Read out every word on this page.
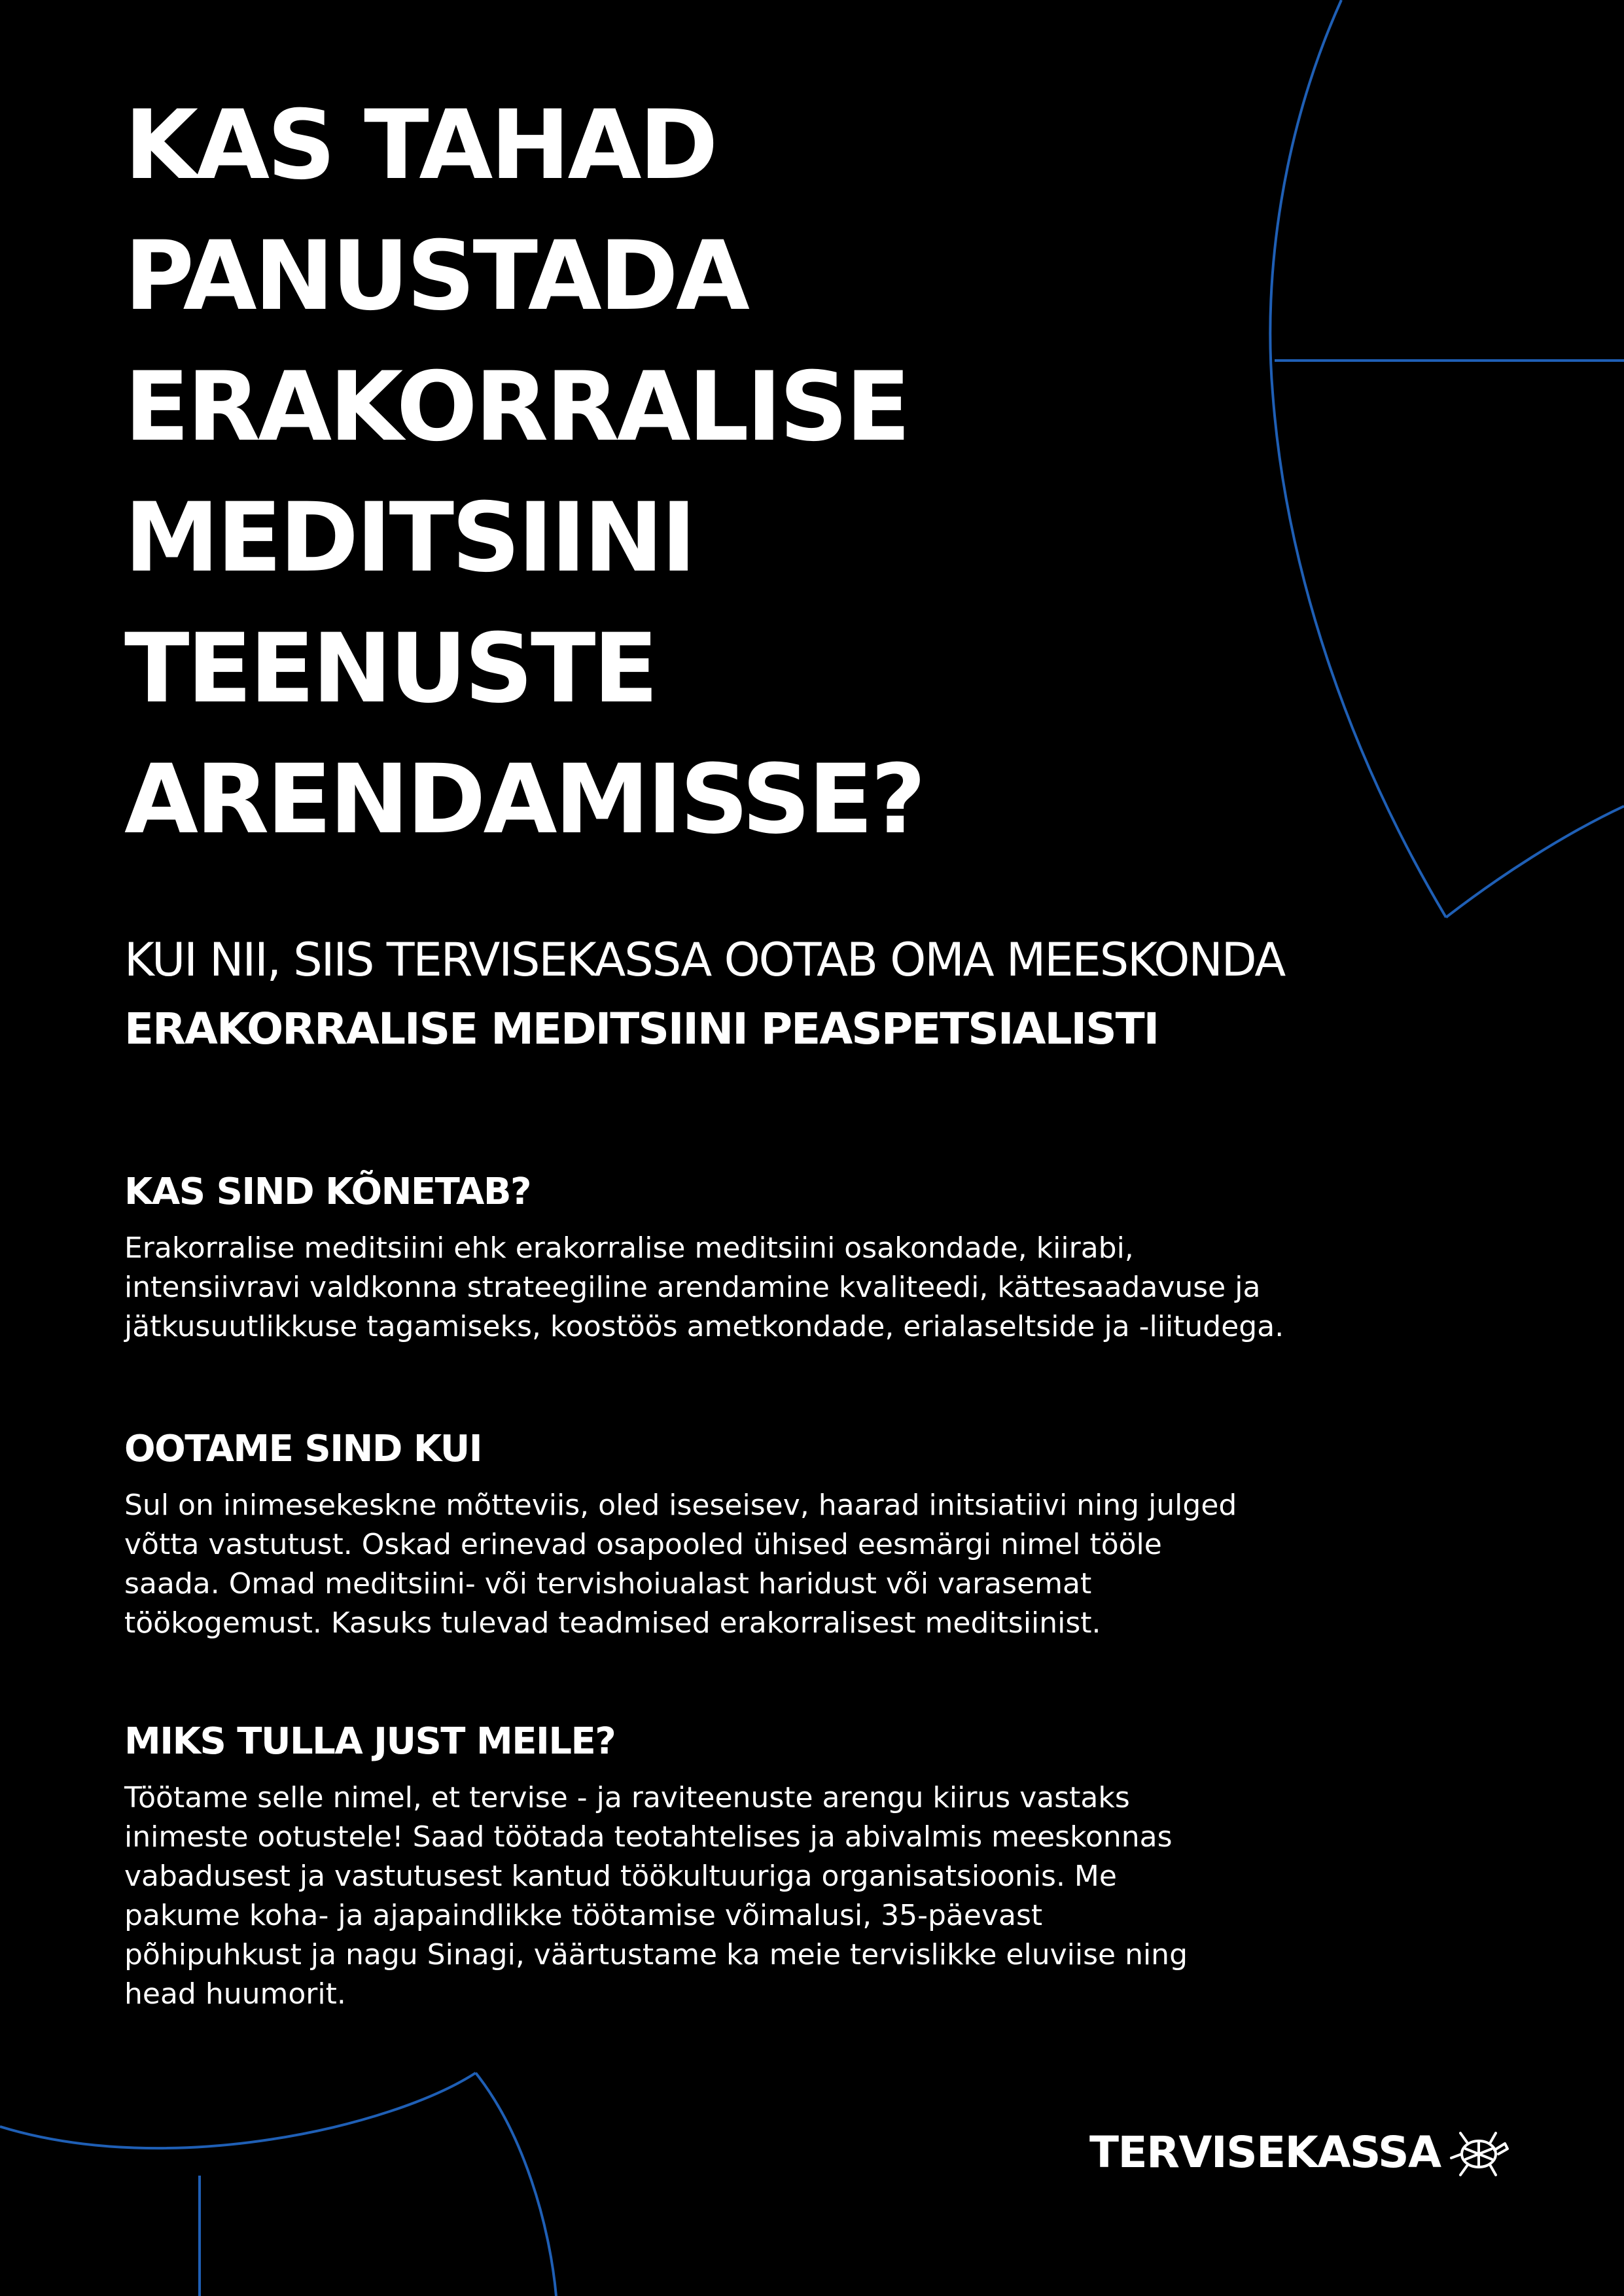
KAS TAHAD
PANUSTADA
ERAKORRALISE
MEDITSIINI
TEENUSTE
ARENDAMISSE?
KUI NII, SIIS TERVISEKASSA OOTAB OMA MEESKONDA
ERAKORRALISE MEDITSIINI PEASPETSIALISTI
KAS SIND KÕNETAB?
Erakorralise meditsiini ehk erakorralise meditsiini osakondade, kiirabi,
intensiivravi valdkonna strateegiline arendamine kvaliteedi, kättesaadavuse ja
jätkusuutlikkuse tagamiseks, koostöös ametkondade, erialaseltside ja -liitudega.
OOTAME SIND KUI
Sul on inimesekeskne mõtteviis, oled iseseisev, haarad initsiatiivi ning julged
võtta vastutust. Oskad erinevad osapooled ühised eesmärgi nimel tööle
saada. Omad meditsiini- või tervishoiualast haridust või varasemat
töökogemust. Kasuks tulevad teadmised erakorralisest meditsiinist.
MIKS TULLA JUST MEILE?
Töötame selle nimel, et tervise - ja raviteenuste arengu kiirus vastaks
inimeste ootustele! Saad töötada teotahtelises ja abivalmis meeskonnas
vabadusest ja vastutusest kantud töökultuuriga organisatsioonis. Me
pakume koha- ja ajapaindlikke töötamise võimalusi, 35-päevast
põhipuhkust ja nagu Sinagi, väärtustame ka meie tervislikke eluviise ning
head huumorit.
TERVISEKASSA
